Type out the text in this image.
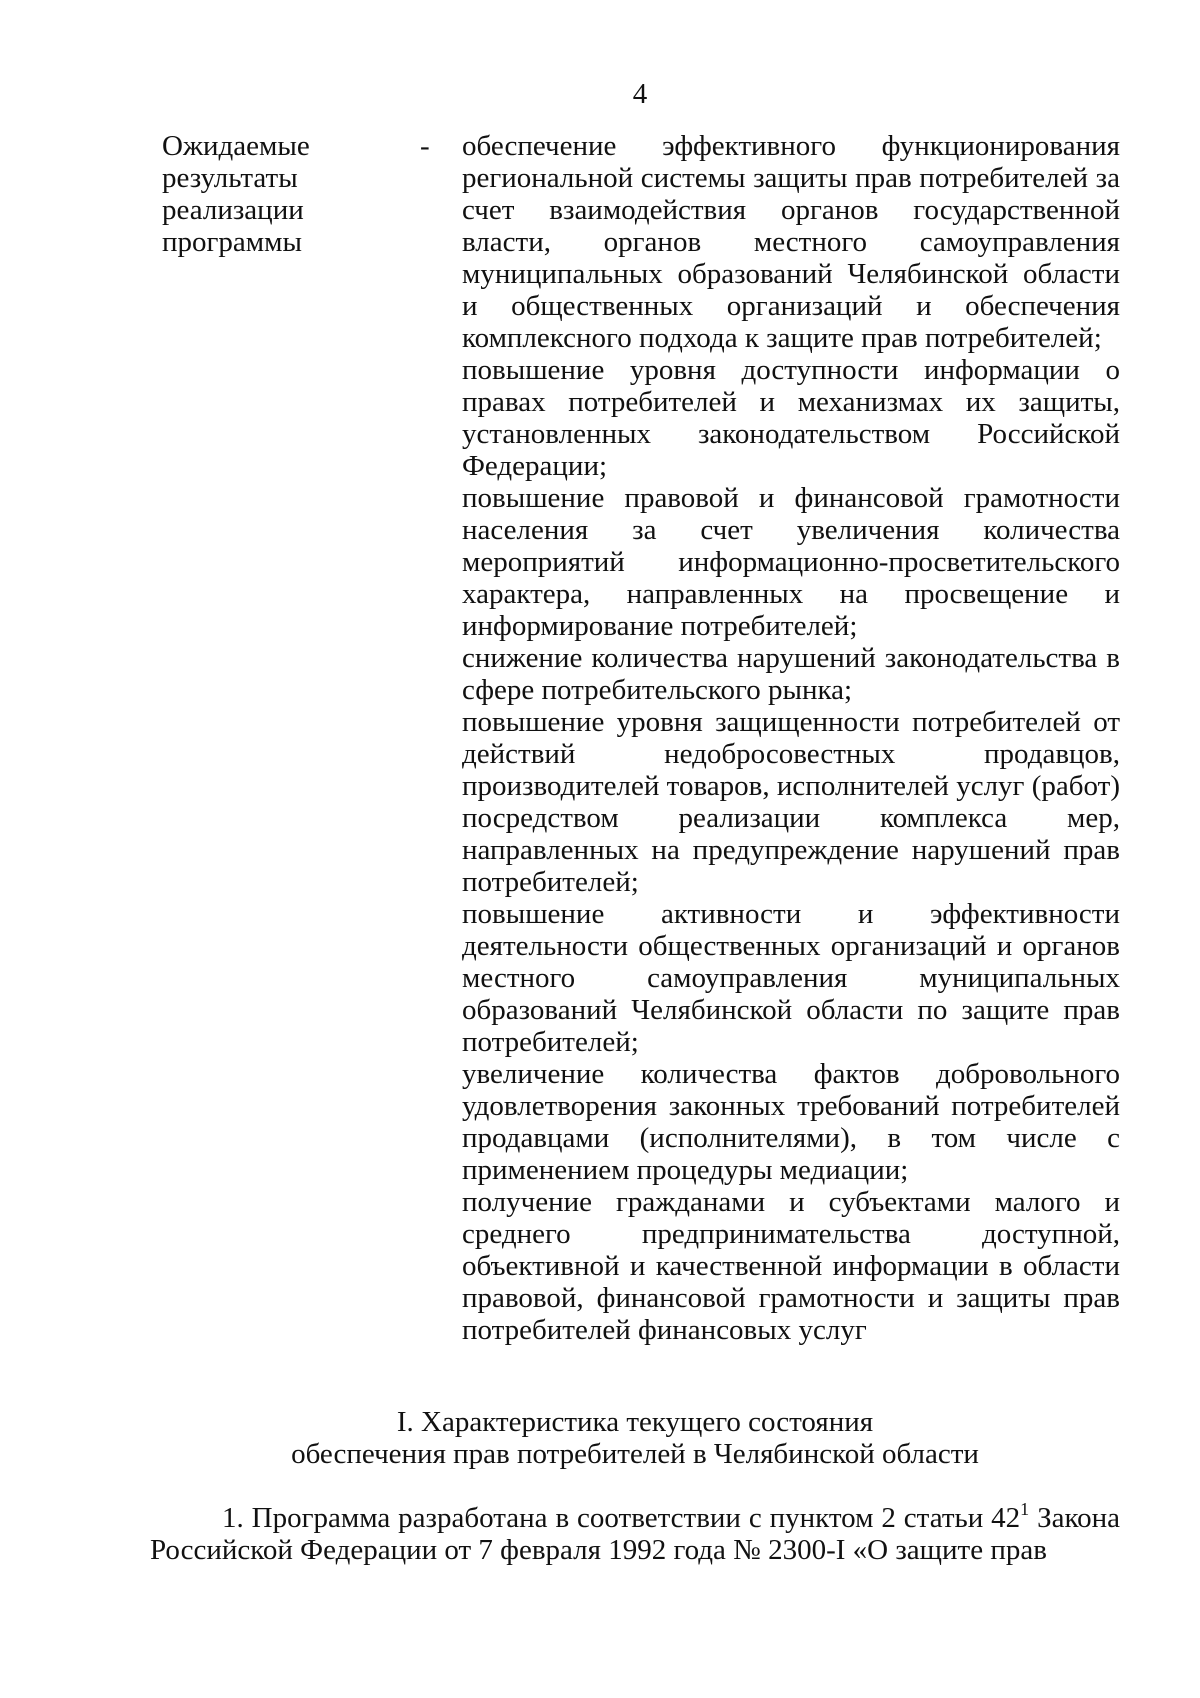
4
Ожидаемые
результаты
реализации
программы
-	обеспечение эффективного функционирования региональной системы защиты прав потребителей за счет взаимодействия органов государственной власти, органов местного самоуправления муниципальных образований Челябинской области и общественных организаций и обеспечения комплексного подхода к защите прав потребителей;

повышение уровня доступности информации о правах потребителей и механизмах их защиты, установленных законодательством Российской Федерации;

повышение правовой и финансовой грамотности населения за счет увеличения количества мероприятий информационно-просветительского характера, направленных на просвещение и информирование потребителей;

снижение количества нарушений законодательства в сфере потребительского рынка;

повышение уровня защищенности потребителей от действий недобросовестных продавцов, производителей товаров, исполнителей услуг (работ) посредством реализации комплекса мер, направленных на предупреждение нарушений прав потребителей;

повышение активности и эффективности деятельности общественных организаций и органов местного самоуправления муниципальных образований Челябинской области по защите прав потребителей;

увеличение количества фактов добровольного удовлетворения законных требований потребителей продавцами (исполнителями), в том числе с применением процедуры медиации;

получение гражданами и субъектами малого и среднего предпринимательства доступной, объективной и качественной информации в области правовой, финансовой грамотности и защиты прав потребителей финансовых услуг

I. Характеристика текущего состояния
обеспечения прав потребителей в Челябинской области

1. Программа разработана в соответствии с пунктом 2 статьи $42^1$ Закона Российской Федерации от 7 февраля 1992 года № 2300-I «О защите прав
